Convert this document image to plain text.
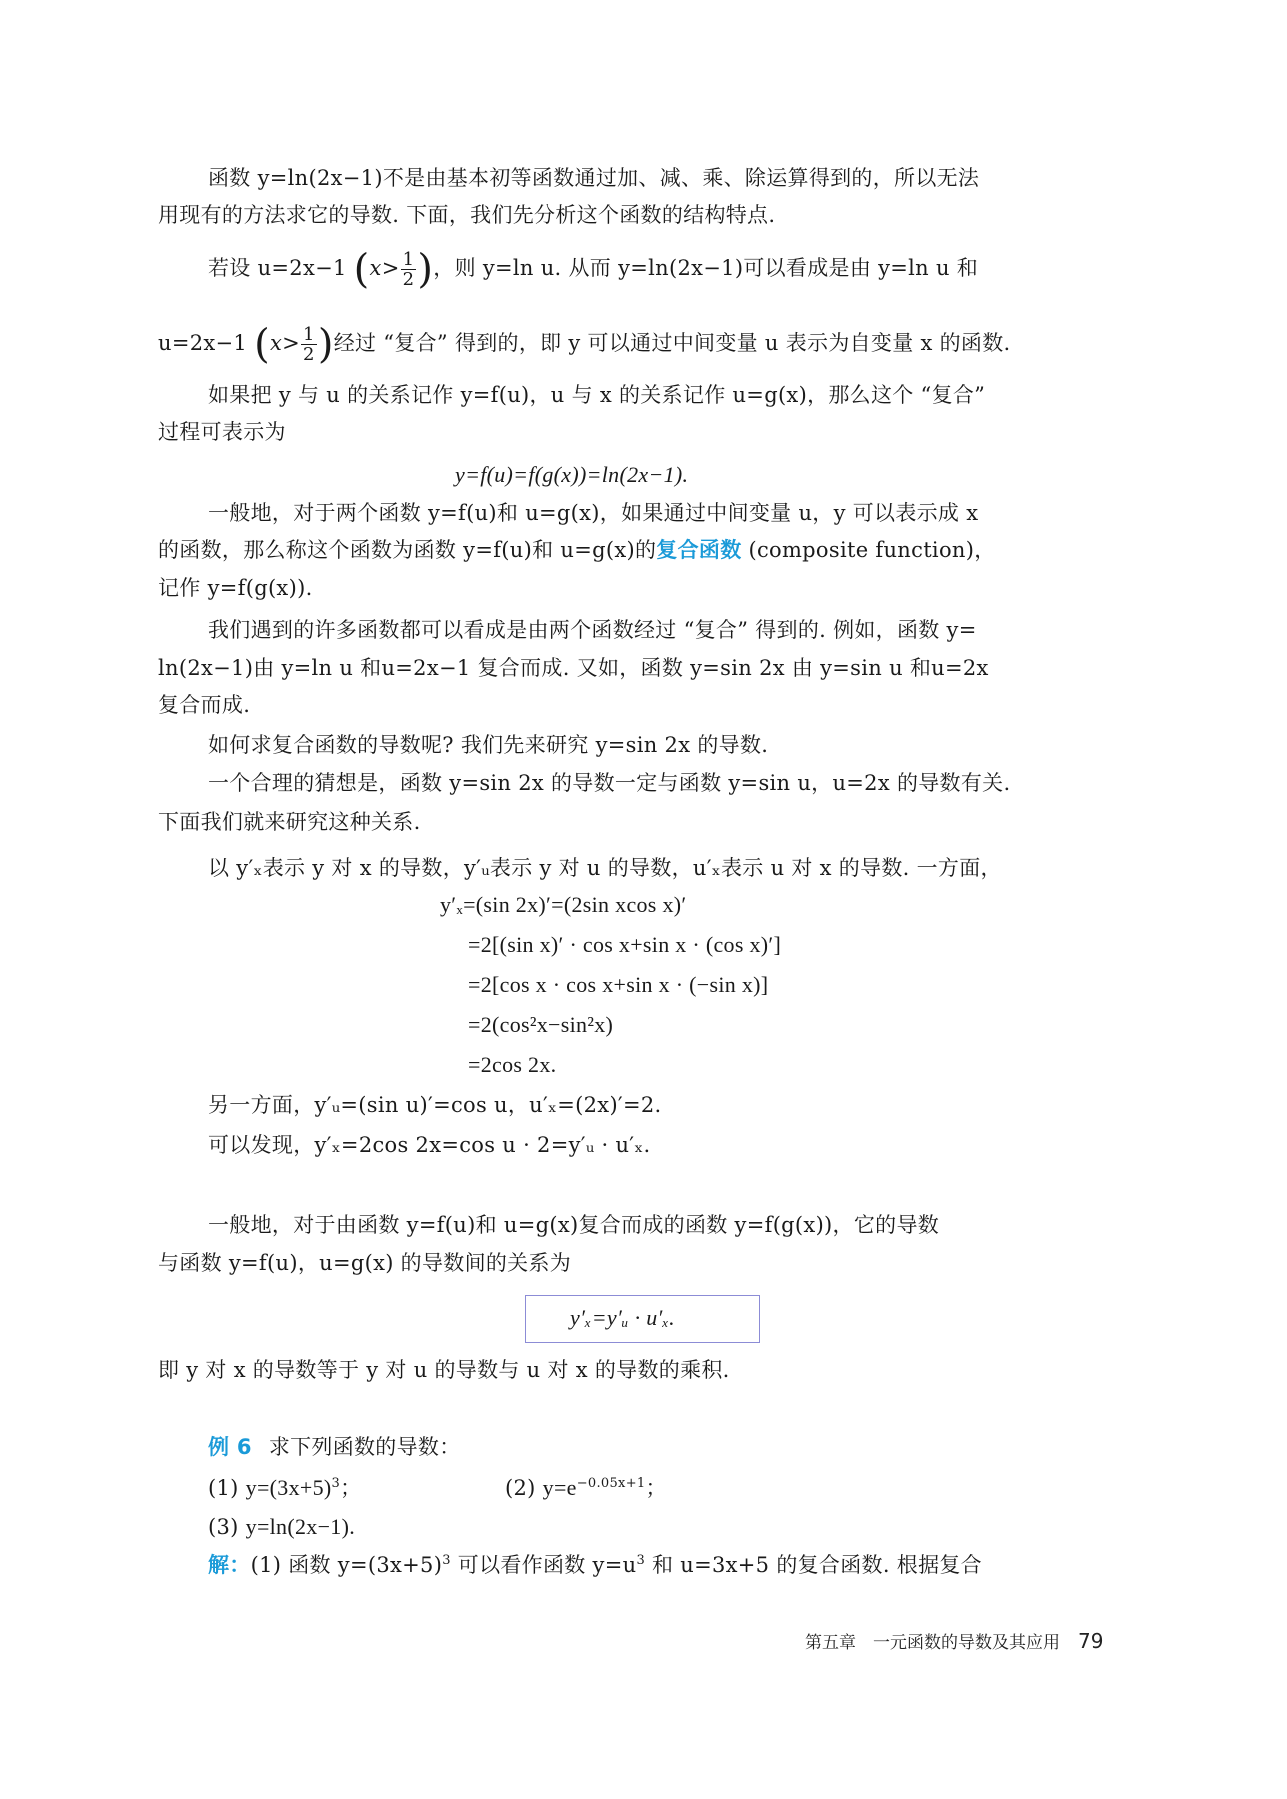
函数 y=ln(2x−1)不是由基本初等函数通过加、减、乘、除运算得到的，所以无法
用现有的方法求它的导数. 下面，我们先分析这个函数的结构特点.
若设 u=2x−1 ($x> \frac{1}{2}$ )，则 y=ln u. 从而 y=ln(2x−1)可以看成是由 y=ln u 和
u=2x−1 ($x> \frac{1}{2}$ )经过 “复合” 得到的，即 y 可以通过中间变量 u 表示为自变量 x 的函数.
如果把 y 与 u 的关系记作 y=f(u)，u 与 x 的关系记作 u=g(x)，那么这个 “复合”
过程可表示为
y=f(u)=f(g(x))=ln(2x−1).
一般地，对于两个函数 y=f(u)和 u=g(x)，如果通过中间变量 u，y 可以表示成 x
的函数，那么称这个函数为函数 y=f(u)和 u=g(x)的复合函数 (composite function)，
记作 y=f(g(x)).
我们遇到的许多函数都可以看成是由两个函数经过 “复合” 得到的. 例如，函数 y=
ln(2x−1)由 y=ln u 和u=2x−1 复合而成. 又如，函数 y=sin 2x 由 y=sin u 和u=2x
复合而成.
如何求复合函数的导数呢? 我们先来研究 y=sin 2x 的导数.
一个合理的猜想是，函数 y=sin 2x 的导数一定与函数 y=sin u，u=2x 的导数有关.
下面我们就来研究这种关系.
以 y′ₓ表示 y 对 x 的导数，y′ᵤ表示 y 对 u 的导数，u′ₓ表示 u 对 x 的导数. 一方面，
y′ₓ=(sin 2x)′=(2sin xcos x)′
=2[(sin x)′ · cos x+sin x · (cos x)′]
=2[cos x · cos x+sin x · (−sin x)]
=2(cos²x−sin²x)
=2cos 2x.
另一方面，y′ᵤ=(sin u)′=cos u，u′ₓ=(2x)′=2.
可以发现，y′ₓ=2cos 2x=cos u · 2=y′ᵤ · u′ₓ.
一般地，对于由函数 y=f(u)和 u=g(x)复合而成的函数 y=f(g(x))，它的导数
与函数 y=f(u)，u=g(x) 的导数间的关系为
y′ₓ=y′ᵤ · u′ₓ.
即 y 对 x 的导数等于 y 对 u 的导数与 u 对 x 的导数的乘积.
例 6 求下列函数的导数：
(1) $y=(3x+5)^3$；	(2) $y=e^{-0.05x+1}$；
(3) y=ln(2x−1).
解：(1) 函数 $y=(3x+5)^3$ 可以看作函数 $y=u^3$ 和 u=3x+5 的复合函数. 根据复合
第五章　一元函数的导数及其应用 79
